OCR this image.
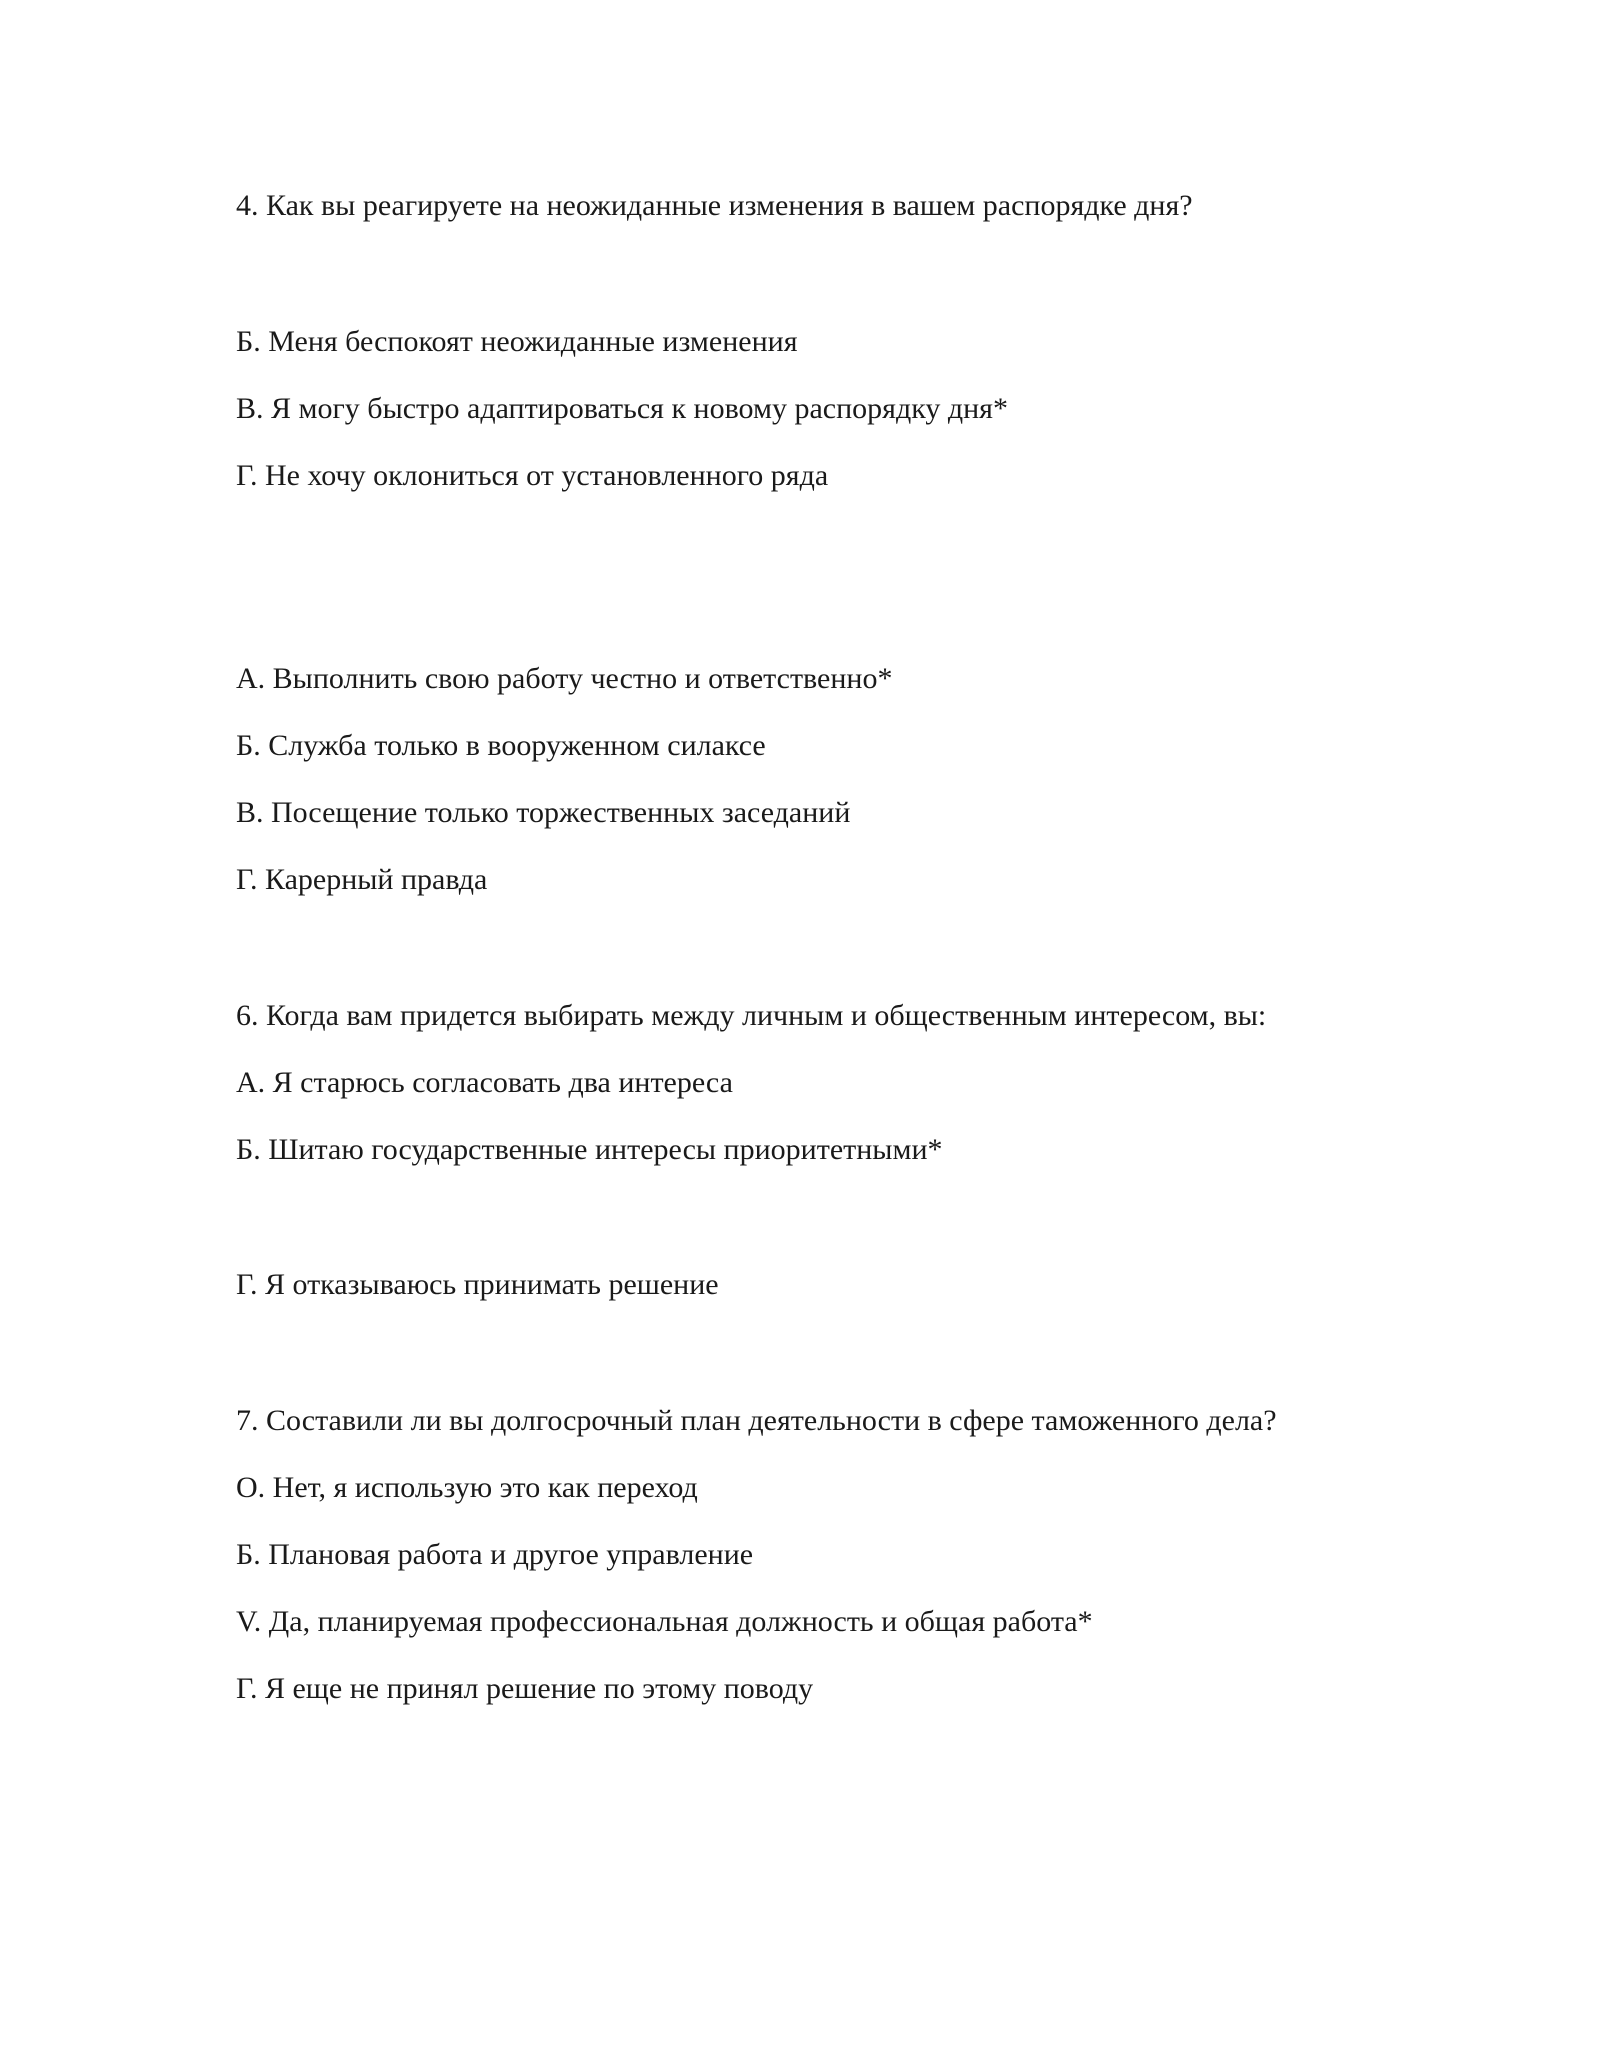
4. Как вы реагируете на неожиданные изменения в вашем распорядке дня?

Б. Меня беспокоят неожиданные изменения

В. Я могу быстро адаптироваться к новому распорядку дня*

Г. Не хочу оклониться от установленного ряда

А. Выполнить свою работу честно и ответственно*

Б. Служба только в вооруженном силаксе

В. Посещение только торжественных заседаний

Г. Карерный правда

6. Когда вам придется выбирать между личным и общественным интересом, вы:

А. Я старюсь согласовать два интереса

Б. Шитаю государственные интересы приоритетными*

Г. Я отказываюсь принимать решение

7. Составили ли вы долгосрочный план деятельности в сфере таможенного дела?

О. Нет, я использую это как переход

Б. Плановая работа и другое управление

V. Да, планируемая профессиональная должность и общая работа*

Г. Я еще не принял решение по этому поводу
